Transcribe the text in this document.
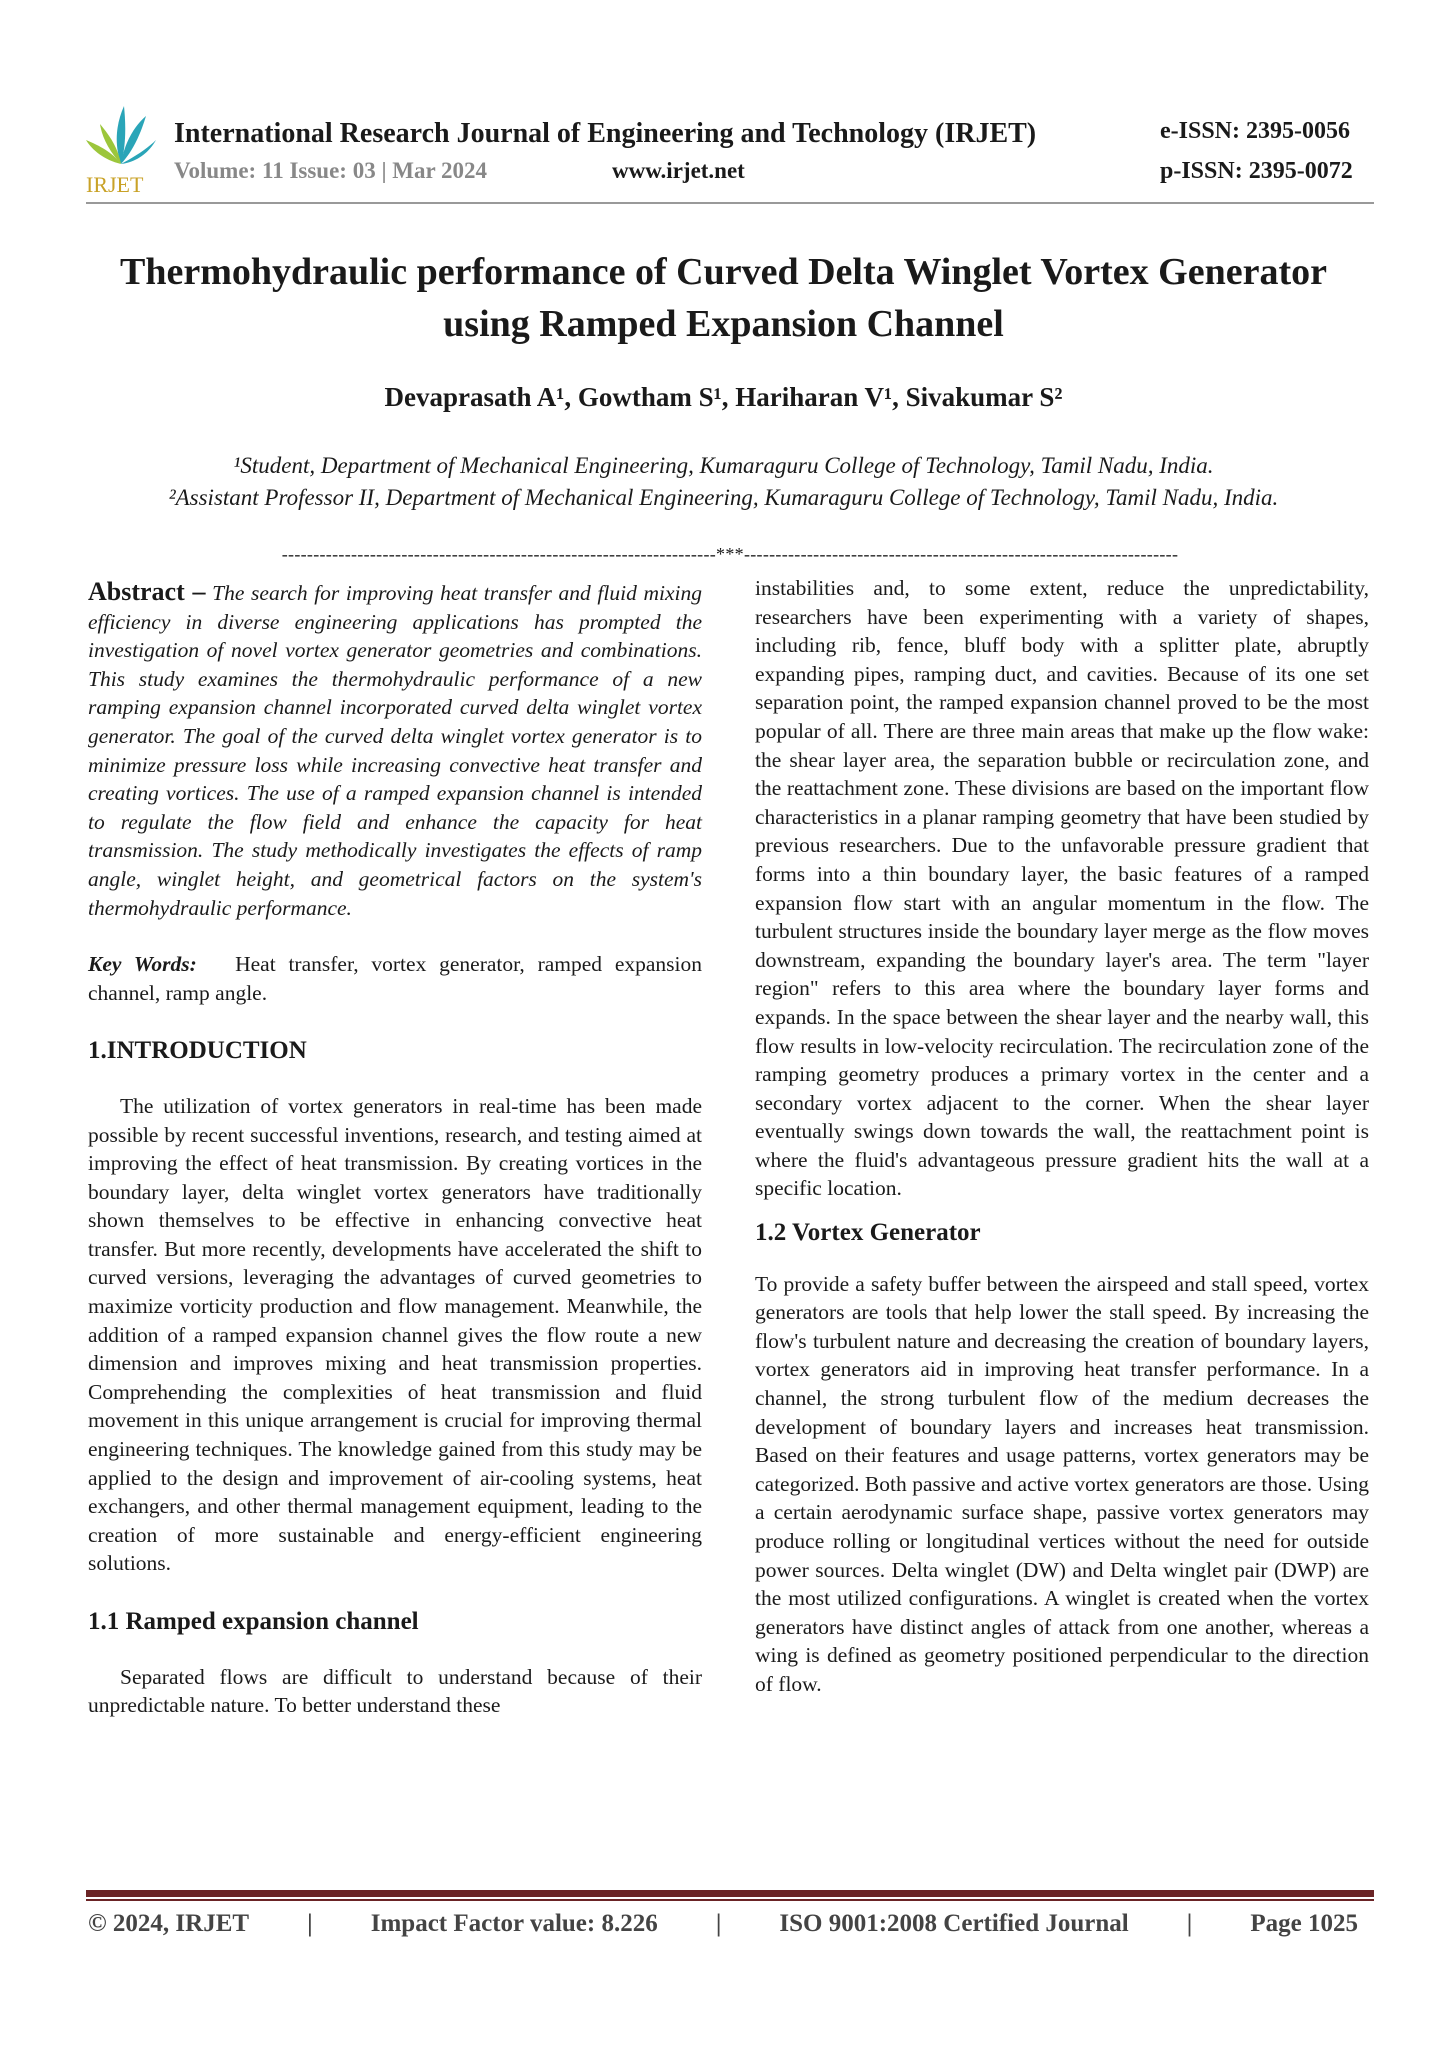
IRJET
International Research Journal of Engineering and Technology (IRJET)
Volume: 11 Issue: 03 | Mar 2024	www.irjet.net
e-ISSN: 2395-0056
p-ISSN: 2395-0072
Thermohydraulic performance of Curved Delta Winglet Vortex Generator using Ramped Expansion Channel
Devaprasath A¹, Gowtham S¹, Hariharan V¹, Sivakumar S²
¹Student, Department of Mechanical Engineering, Kumaraguru College of Technology, Tamil Nadu, India.
²Assistant Professor II, Department of Mechanical Engineering, Kumaraguru College of Technology, Tamil Nadu, India.
---------------------------------------------------------------------***---------------------------------------------------------------------

Abstract – The search for improving heat transfer and fluid mixing efficiency in diverse engineering applications has prompted the investigation of novel vortex generator geometries and combinations. This study examines the thermohydraulic performance of a new ramping expansion channel incorporated curved delta winglet vortex generator. The goal of the curved delta winglet vortex generator is to minimize pressure loss while increasing convective heat transfer and creating vortices. The use of a ramped expansion channel is intended to regulate the flow field and enhance the capacity for heat transmission. The study methodically investigates the effects of ramp angle, winglet height, and geometrical factors on the system's thermohydraulic performance.

Key Words: Heat transfer, vortex generator, ramped expansion channel, ramp angle.

1.INTRODUCTION

The utilization of vortex generators in real-time has been made possible by recent successful inventions, research, and testing aimed at improving the effect of heat transmission. By creating vortices in the boundary layer, delta winglet vortex generators have traditionally shown themselves to be effective in enhancing convective heat transfer. But more recently, developments have accelerated the shift to curved versions, leveraging the advantages of curved geometries to maximize vorticity production and flow management. Meanwhile, the addition of a ramped expansion channel gives the flow route a new dimension and improves mixing and heat transmission properties. Comprehending the complexities of heat transmission and fluid movement in this unique arrangement is crucial for improving thermal engineering techniques. The knowledge gained from this study may be applied to the design and improvement of air-cooling systems, heat exchangers, and other thermal management equipment, leading to the creation of more sustainable and energy-efficient engineering solutions.

1.1 Ramped expansion channel

Separated flows are difficult to understand because of their unpredictable nature. To better understand these

instabilities and, to some extent, reduce the unpredictability, researchers have been experimenting with a variety of shapes, including rib, fence, bluff body with a splitter plate, abruptly expanding pipes, ramping duct, and cavities. Because of its one set separation point, the ramped expansion channel proved to be the most popular of all. There are three main areas that make up the flow wake: the shear layer area, the separation bubble or recirculation zone, and the reattachment zone. These divisions are based on the important flow characteristics in a planar ramping geometry that have been studied by previous researchers. Due to the unfavorable pressure gradient that forms into a thin boundary layer, the basic features of a ramped expansion flow start with an angular momentum in the flow. The turbulent structures inside the boundary layer merge as the flow moves downstream, expanding the boundary layer's area. The term "layer region" refers to this area where the boundary layer forms and expands. In the space between the shear layer and the nearby wall, this flow results in low-velocity recirculation. The recirculation zone of the ramping geometry produces a primary vortex in the center and a secondary vortex adjacent to the corner. When the shear layer eventually swings down towards the wall, the reattachment point is where the fluid's advantageous pressure gradient hits the wall at a specific location.

1.2 Vortex Generator

To provide a safety buffer between the airspeed and stall speed, vortex generators are tools that help lower the stall speed. By increasing the flow's turbulent nature and decreasing the creation of boundary layers, vortex generators aid in improving heat transfer performance. In a channel, the strong turbulent flow of the medium decreases the development of boundary layers and increases heat transmission. Based on their features and usage patterns, vortex generators may be categorized. Both passive and active vortex generators are those. Using a certain aerodynamic surface shape, passive vortex generators may produce rolling or longitudinal vertices without the need for outside power sources. Delta winglet (DW) and Delta winglet pair (DWP) are the most utilized configurations. A winglet is created when the vortex generators have distinct angles of attack from one another, whereas a wing is defined as geometry positioned perpendicular to the direction of flow.

© 2024, IRJET | Impact Factor value: 8.226 | ISO 9001:2008 Certified Journal | Page 1025
